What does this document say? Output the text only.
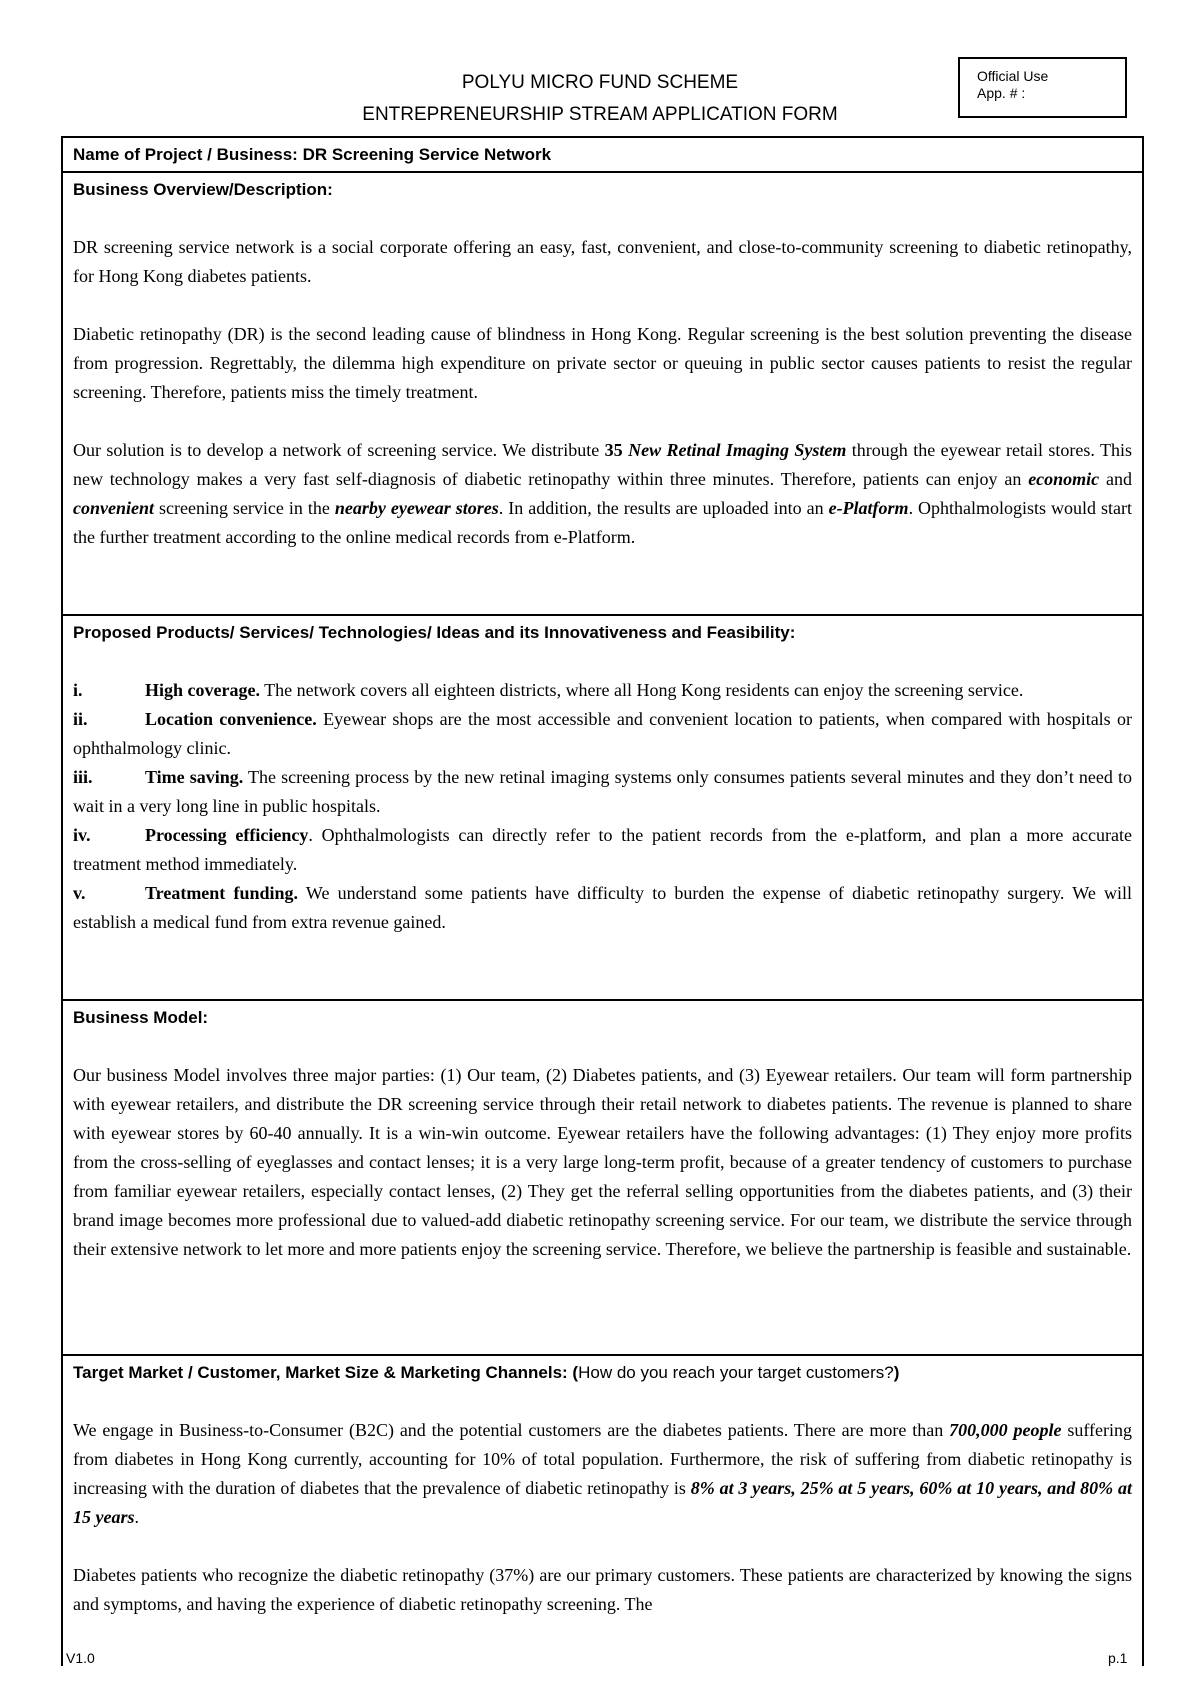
POLYU MICRO FUND SCHEME
ENTREPRENEURSHIP STREAM APPLICATION FORM
Official Use
App. # :
Name of Project / Business: DR Screening Service Network
Business Overview/Description:

DR screening service network is a social corporate offering an easy, fast, convenient, and close-to-community screening to diabetic retinopathy, for Hong Kong diabetes patients.

Diabetic retinopathy (DR) is the second leading cause of blindness in Hong Kong. Regular screening is the best solution preventing the disease from progression. Regrettably, the dilemma high expenditure on private sector or queuing in public sector causes patients to resist the regular screening. Therefore, patients miss the timely treatment.

Our solution is to develop a network of screening service. We distribute 35 New Retinal Imaging System through the eyewear retail stores. This new technology makes a very fast self-diagnosis of diabetic retinopathy within three minutes. Therefore, patients can enjoy an economic and convenient screening service in the nearby eyewear stores. In addition, the results are uploaded into an e-Platform. Ophthalmologists would start the further treatment according to the online medical records from e-Platform.

Proposed Products/ Services/ Technologies/ Ideas and its Innovativeness and Feasibility:

i.	High coverage. The network covers all eighteen districts, where all Hong Kong residents can enjoy the screening service.

ii.	Location convenience. Eyewear shops are the most accessible and convenient location to patients, when compared with hospitals or ophthalmology clinic.

iii.	Time saving. The screening process by the new retinal imaging systems only consumes patients several minutes and they don’t need to wait in a very long line in public hospitals.

iv.	Processing efficiency. Ophthalmologists can directly refer to the patient records from the e-platform, and plan a more accurate treatment method immediately.

v.	Treatment funding. We understand some patients have difficulty to burden the expense of diabetic retinopathy surgery. We will establish a medical fund from extra revenue gained.

Business Model:

Our business Model involves three major parties: (1) Our team, (2) Diabetes patients, and (3) Eyewear retailers. Our team will form partnership with eyewear retailers, and distribute the DR screening service through their retail network to diabetes patients. The revenue is planned to share with eyewear stores by 60-40 annually. It is a win-win outcome. Eyewear retailers have the following advantages: (1) They enjoy more profits from the cross-selling of eyeglasses and contact lenses; it is a very large long-term profit, because of a greater tendency of customers to purchase from familiar eyewear retailers, especially contact lenses, (2) They get the referral selling opportunities from the diabetes patients, and (3) their brand image becomes more professional due to valued-add diabetic retinopathy screening service. For our team, we distribute the service through their extensive network to let more and more patients enjoy the screening service. Therefore, we believe the partnership is feasible and sustainable.

Target Market / Customer, Market Size & Marketing Channels: (How do you reach your target customers?)

We engage in Business-to-Consumer (B2C) and the potential customers are the diabetes patients. There are more than 700,000 people suffering from diabetes in Hong Kong currently, accounting for 10% of total population. Furthermore, the risk of suffering from diabetic retinopathy is increasing with the duration of diabetes that the prevalence of diabetic retinopathy is 8% at 3 years, 25% at 5 years, 60% at 10 years, and 80% at 15 years.

Diabetes patients who recognize the diabetic retinopathy (37%) are our primary customers. These patients are characterized by knowing the signs and symptoms, and having the experience of diabetic retinopathy screening. The

V1.0	p.1
